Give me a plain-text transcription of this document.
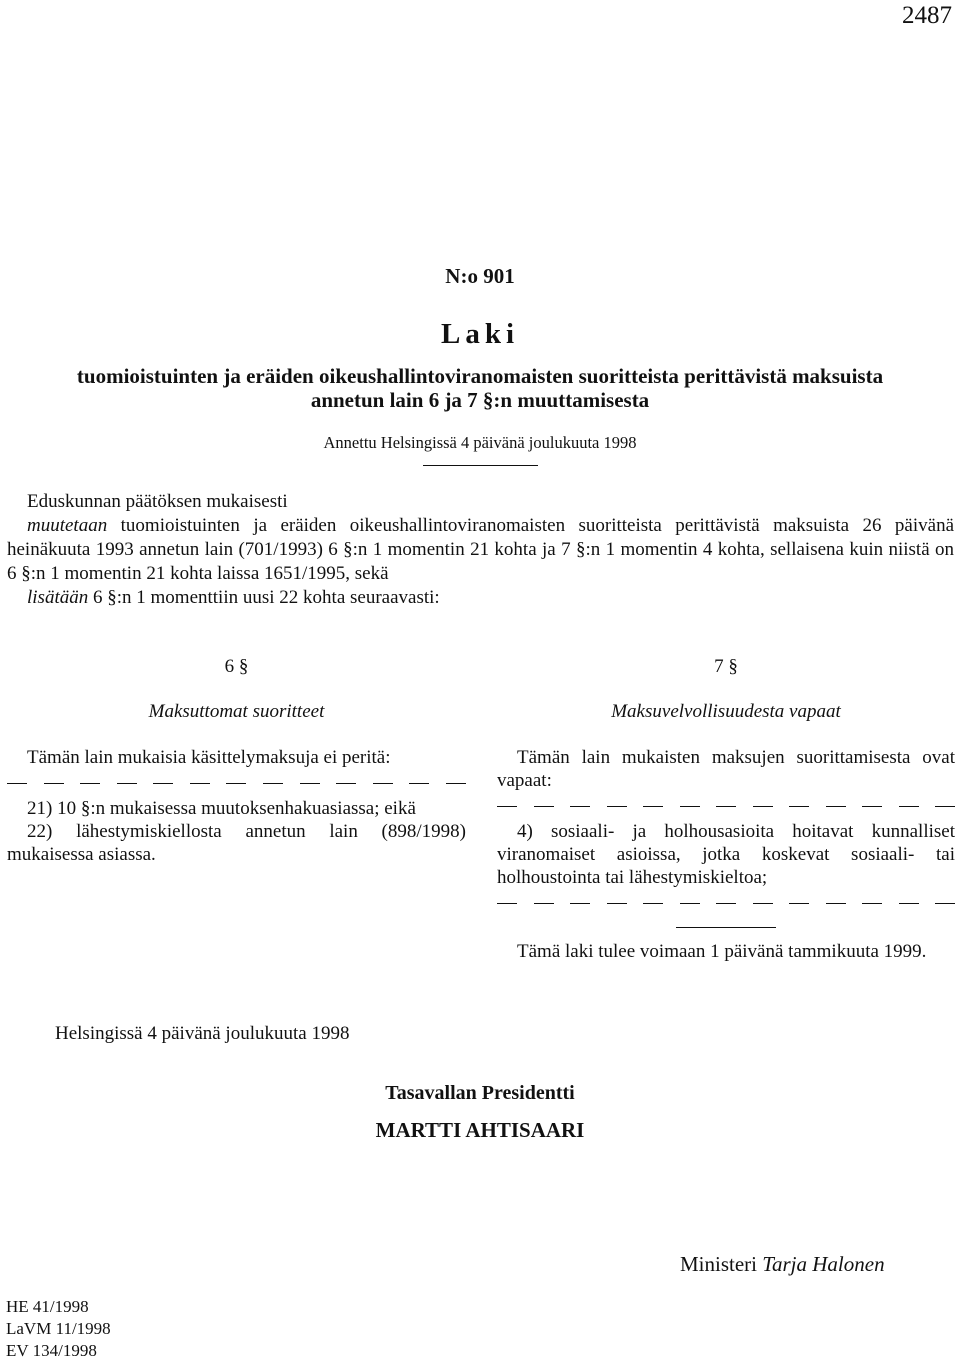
2487
N:o 901
Laki
tuomioistuinten ja eräiden oikeushallintoviranomaisten suoritteista perittävistä maksuista
annetun lain 6 ja 7 §:n muuttamisesta
Annettu Helsingissä 4 päivänä joulukuuta 1998

Eduskunnan päätöksen mukaisesti

muutetaan tuomioistuinten ja eräiden oikeushallintoviranomaisten suoritteista perittävistä maksuista 26 päivänä heinäkuuta 1993 annetun lain (701/1993) 6 §:n 1 momentin 21 kohta ja 7 §:n 1 momentin 4 kohta, sellaisena kuin niistä on 6 §:n 1 momentin 21 kohta laissa 1651/1995, sekä

lisätään 6 §:n 1 momenttiin uusi 22 kohta seuraavasti:

6 §
Maksuttomat suoritteet

Tämän lain mukaisia käsittelymaksuja ei peritä:

21) 10 §:n mukaisessa muutoksenhakuasiassa; eikä

22) lähestymiskiellosta annetun lain (898/1998) mukaisessa asiassa.

7 §
Maksuvelvollisuudesta vapaat

Tämän lain mukaisten maksujen suorittamisesta ovat vapaat:

4) sosiaali- ja holhousasioita hoitavat kunnalliset viranomaiset asioissa, jotka koskevat sosiaali- tai holhoustointa tai lähestymiskieltoa;

Tämä laki tulee voimaan 1 päivänä tammikuuta 1999.

Helsingissä 4 päivänä joulukuuta 1998
Tasavallan Presidentti
MARTTI AHTISAARI
Ministeri Tarja Halonen
HE 41/1998
LaVM 11/1998
EV 134/1998
